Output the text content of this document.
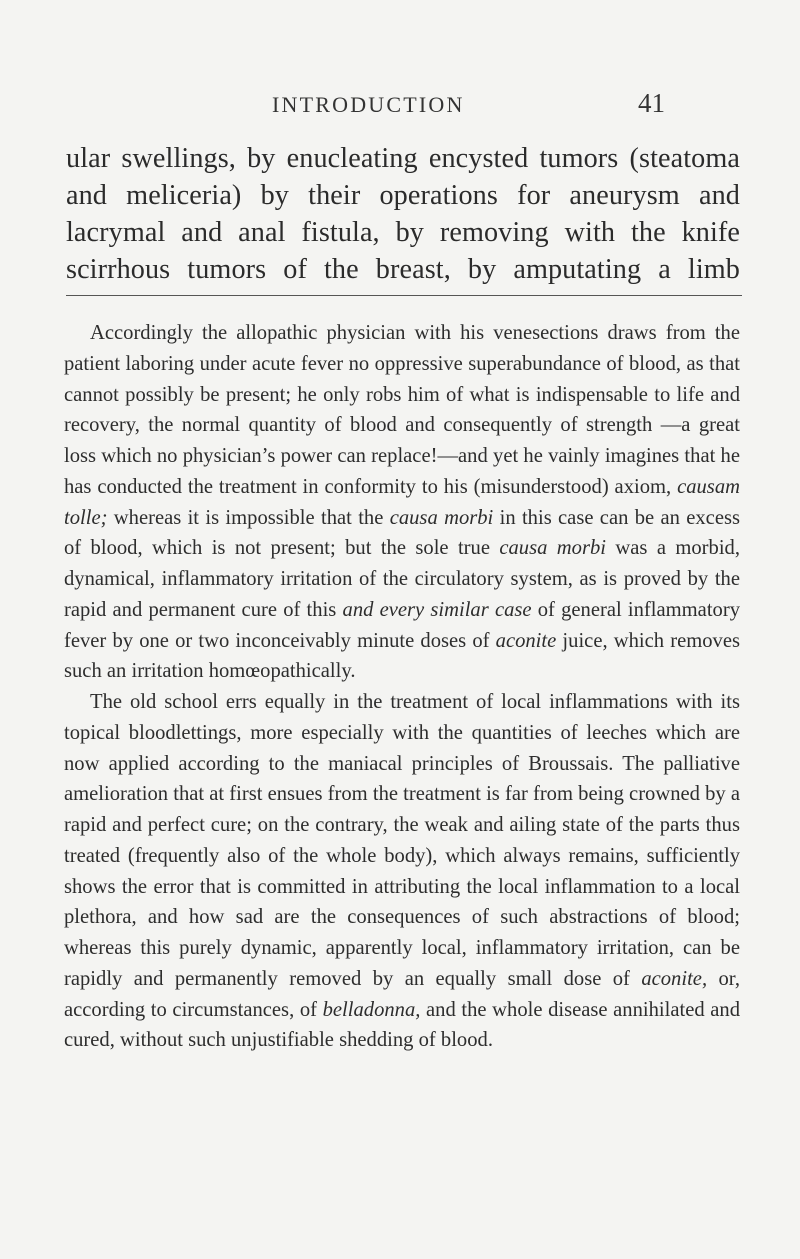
INTRODUCTION	41

ular swellings, by enucleating encysted tumors (steatoma and meliceria) by their operations for aneurysm and lacrymal and anal fistula, by removing with the knife scirrhous tumors of the breast, by amputating a limb

Accordingly the allopathic physician with his venesections draws from the patient laboring under acute fever no oppressive superabundance of blood, as that cannot possibly be present; he only robs him of what is indispensable to life and recovery, the normal quantity of blood and consequently of strength —a great loss which no physician’s power can replace!—and yet he vainly imagines that he has conducted the treatment in conformity to his (misunderstood) axiom, causam tolle; whereas it is impossible that the causa morbi in this case can be an excess of blood, which is not present; but the sole true causa morbi was a morbid, dynamical, inflammatory irritation of the circulatory system, as is proved by the rapid and permanent cure of this and every similar case of general inflammatory fever by one or two inconceivably minute doses of aconite juice, which removes such an irritation homœopathically.

The old school errs equally in the treatment of local inflammations with its topical bloodlettings, more especially with the quantities of leeches which are now applied according to the maniacal principles of Broussais. The palliative amelioration that at first ensues from the treatment is far from being crowned by a rapid and perfect cure; on the contrary, the weak and ailing state of the parts thus treated (frequently also of the whole body), which always remains, sufficiently shows the error that is committed in attributing the local inflammation to a local plethora, and how sad are the consequences of such abstractions of blood; whereas this purely dynamic, apparently local, inflammatory irritation, can be rapidly and permanently removed by an equally small dose of aconite, or, according to circumstances, of belladonna, and the whole disease annihilated and cured, without such unjustifiable shedding of blood.
